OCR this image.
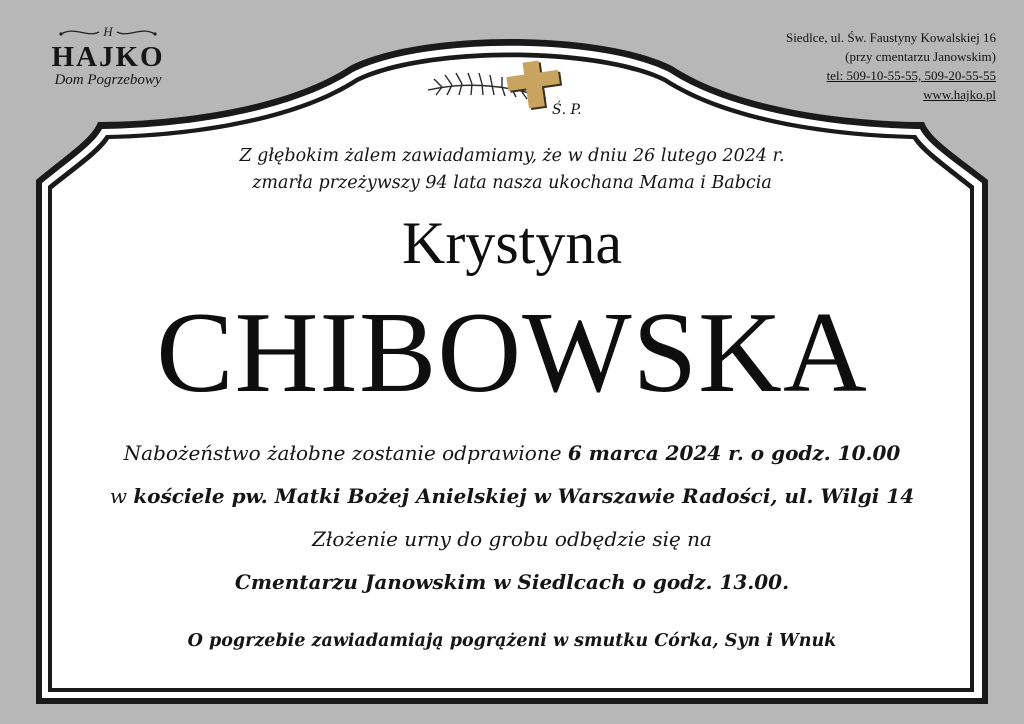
H
HAJKO
Dom Pogrzebowy
Siedlce, ul. Św. Faustyny Kowalskiej 16
(przy cmentarzu Janowskim)
tel: 509-10-55-55, 509-20-55-55
www.hajko.pl
Ś. P.
Z głębokim żalem zawiadamiamy, że w dniu 26 lutego 2024 r.
zmarła przeżywszy 94 lata nasza ukochana Mama i Babcia
Krystyna
CHIBOWSKA
Nabożeństwo żałobne zostanie odprawione 6 marca 2024 r. o godz. 10.00
w kościele pw. Matki Bożej Anielskiej w Warszawie Radości, ul. Wilgi 14
Złożenie urny do grobu odbędzie się na
Cmentarzu Janowskim w Siedlcach o godz. 13.00.
O pogrzebie zawiadamiają pogrążeni w smutku Córka, Syn i Wnuk
